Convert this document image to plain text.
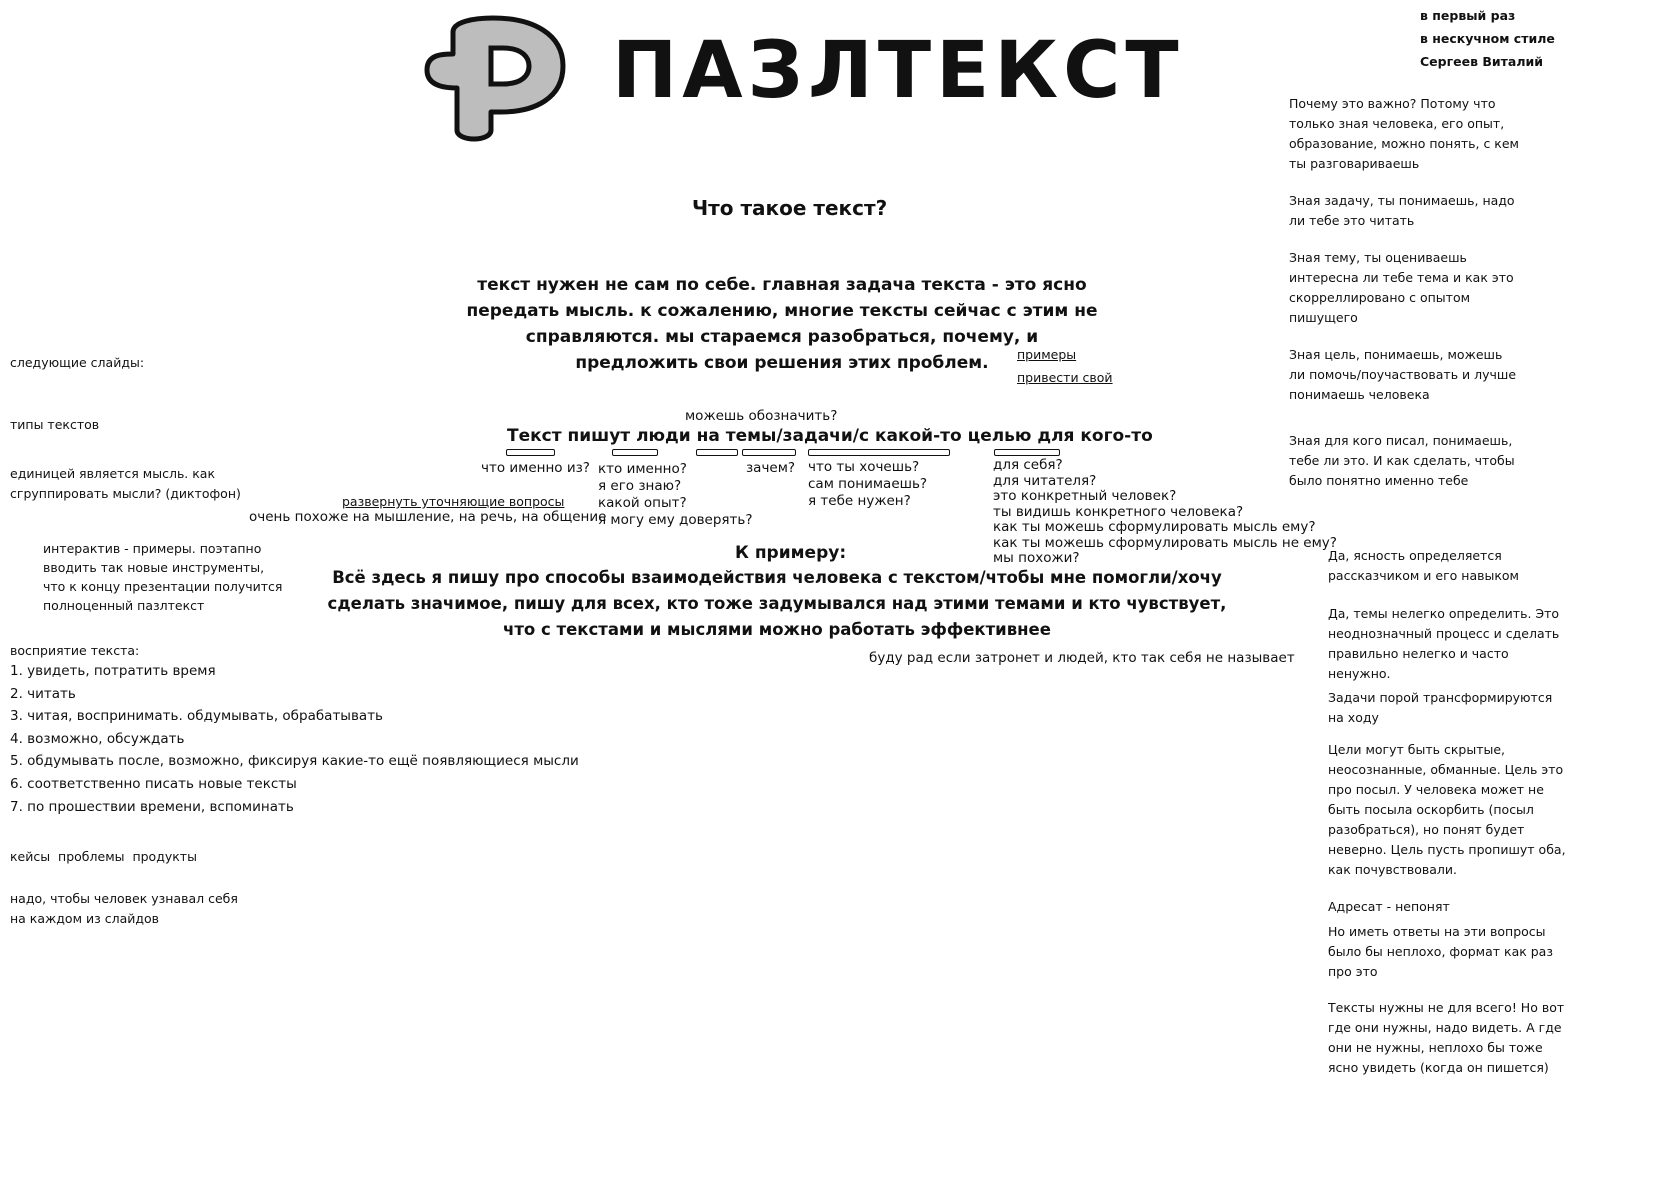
ПАЗЛТЕКСТ
в первый раз
в нескучном стиле
Сергеев Виталий
Что такое текст?
текст нужен не сам по себе. главная задача текста - это ясно передать мысль. к сожалению, многие тексты сейчас с этим не справляются. мы стараемся разобраться, почему, и предложить свои решения этих проблем.	примеры
привести свой
можешь обозначить?
Текст пишут люди на темы/задачи/с какой-то целью для кого-то
что именно из? кто именно?
я его знаю?
какой опыт?
я могу ему доверять?
зачем? что ты хочешь?
сам понимаешь?
я тебе нужен?
для себя?
для читателя?
это конкретный человек?
ты видишь конкретного человека?
как ты можешь сформулировать мысль ему?
как ты можешь сформулировать мысль не ему?
мы похожи?
развернуть уточняющие вопросы
очень похоже на мышление, на речь, на общение
К примеру:
Всё здесь я пишу про способы взаимодействия человека с текстом/чтобы мне помогли/хочу сделать значимое, пишу для всех, кто тоже задумывался над этими темами и кто чувствует, что с текстами и мыслями можно работать эффективнее
буду рад если затронет и людей, кто так себя не называет
следующие слайды:
типы текстов
единицей является мысль. как
сгруппировать мысли? (диктофон)
интерактив - примеры. поэтапно
вводить так новые инструменты,
что к концу презентации получится
полноценный пазлтекст
восприятие текста:
1. увидеть, потратить время
2. читать
3. читая, воспринимать. обдумывать, обрабатывать
4. возможно, обсуждать
5. обдумывать после, возможно, фиксируя какие-то ещё появляющиеся мысли
6. соответственно писать новые тексты
7. по прошествии времени, вспоминать
кейсы  проблемы  продукты
надо, чтобы человек узнавал себя
на каждом из слайдов
Почему это важно? Потому что только зная человека, его опыт, образование, можно понять, с кем ты разговариваешь
Зная задачу, ты понимаешь, надо ли тебе это читать
Зная тему, ты оцениваешь интересна ли тебе тема и как это скорреллировано с опытом пишущего
Зная цель, понимаешь, можешь ли помочь/поучаствовать и лучше понимаешь человека
Зная для кого писал, понимаешь, тебе ли это. И как сделать, чтобы было понятно именно тебе
Да, ясность определяется рассказчиком и его навыком
Да, темы нелегко определить. Это неоднозначный процесс и сделать правильно нелегко и часто ненужно.
Задачи порой трансформируются на ходу
Цели могут быть скрытые, неосознанные, обманные. Цель это про посыл. У человека может не быть посыла оскорбить (посыл разобраться), но понят будет неверно. Цель пусть пропишут оба, как почувствовали.
Адресат - непонят
Но иметь ответы на эти вопросы было бы неплохо, формат как раз про это
Тексты нужны не для всего! Но вот где они нужны, надо видеть. А где они не нужны, неплохо бы тоже ясно увидеть (когда он пишется)
